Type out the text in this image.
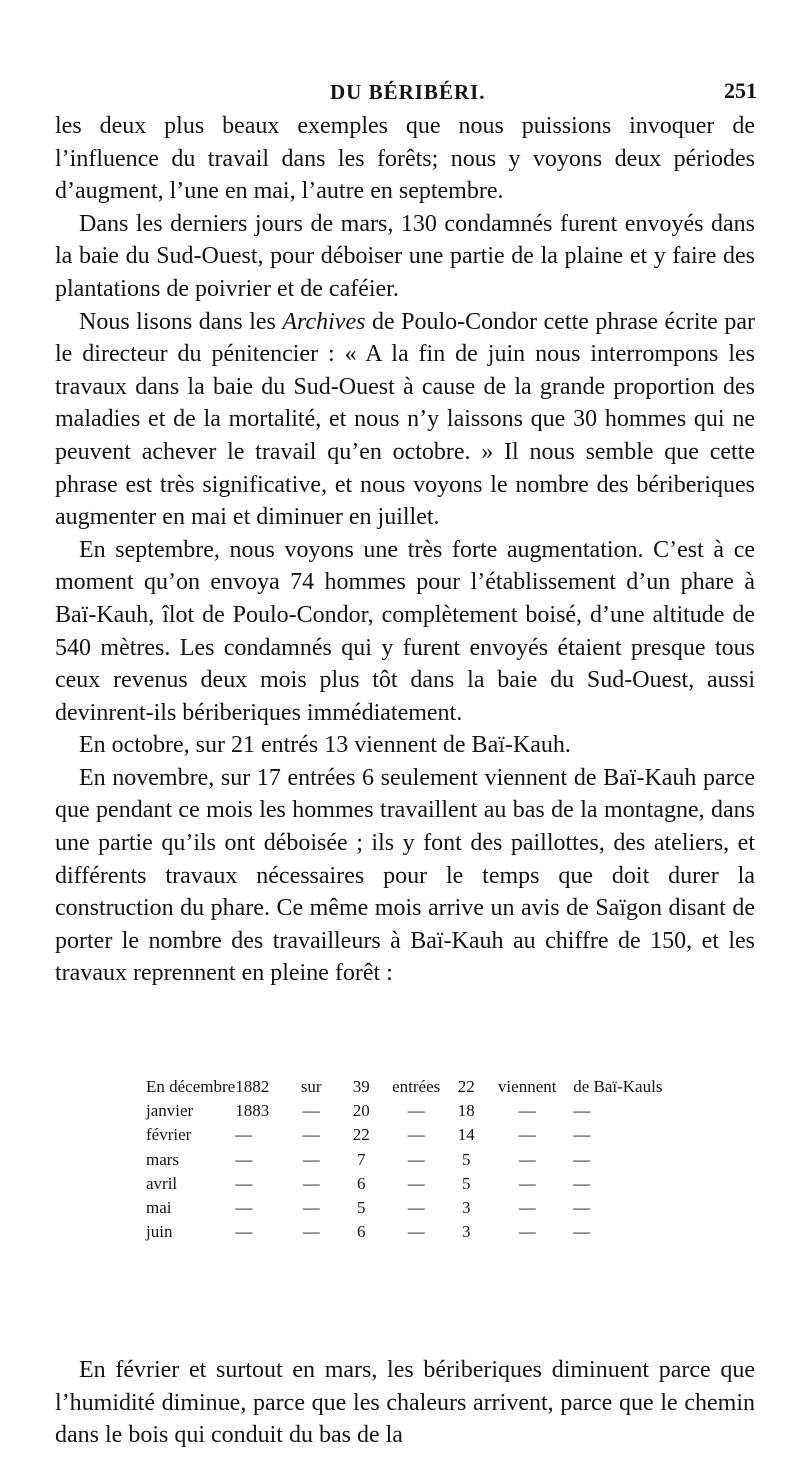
DU BÉRIBÉRI.	251

les deux plus beaux exemples que nous puissions invoquer de l’influence du travail dans les forêts; nous y voyons deux périodes d’augment, l’une en mai, l’autre en septembre.

Dans les derniers jours de mars, 130 condamnés furent envoyés dans la baie du Sud-Ouest, pour déboiser une partie de la plaine et y faire des plantations de poivrier et de caféier.

Nous lisons dans les Archives de Poulo-Condor cette phrase écrite par le directeur du pénitencier : « A la fin de juin nous interrompons les travaux dans la baie du Sud-Ouest à cause de la grande proportion des maladies et de la mortalité, et nous n’y laissons que 30 hommes qui ne peuvent achever le travail qu’en octobre. » Il nous semble que cette phrase est très significative, et nous voyons le nombre des bériberiques augmenter en mai et diminuer en juillet.

En septembre, nous voyons une très forte augmentation. C’est à ce moment qu’on envoya 74 hommes pour l’établissement d’un phare à Baï-Kauh, îlot de Poulo-Condor, complètement boisé, d’une altitude de 540 mètres. Les condamnés qui y furent envoyés étaient presque tous ceux revenus deux mois plus tôt dans la baie du Sud-Ouest, aussi devinrent-ils bériberiques immédiatement.

En octobre, sur 21 entrés 13 viennent de Baï-Kauh.

En novembre, sur 17 entrées 6 seulement viennent de Baï-Kauh parce que pendant ce mois les hommes travaillent au bas de la montagne, dans une partie qu’ils ont déboisée ; ils y font des paillottes, des ateliers, et différents travaux nécessaires pour le temps que doit durer la construction du phare. Ce même mois arrive un avis de Saïgon disant de porter le nombre des travailleurs à Baï-Kauh au chiffre de 150, et les travaux reprennent en pleine forêt :

En décembre	1882	sur	39	entrées	22	viennent	de Baï-Kauls
janvier	1883	—	20	—	18	—	—
février	—	—	22	—	14	—	—
mars	—	—	7	—	5	—	—
avril	—	—	6	—	5	—	—
mai	—	—	5	—	3	—	—
juin	—	—	6	—	3	—	—

En février et surtout en mars, les bériberiques diminuent parce que l’humidité diminue, parce que les chaleurs arrivent, parce que le chemin dans le bois qui conduit du bas de la
